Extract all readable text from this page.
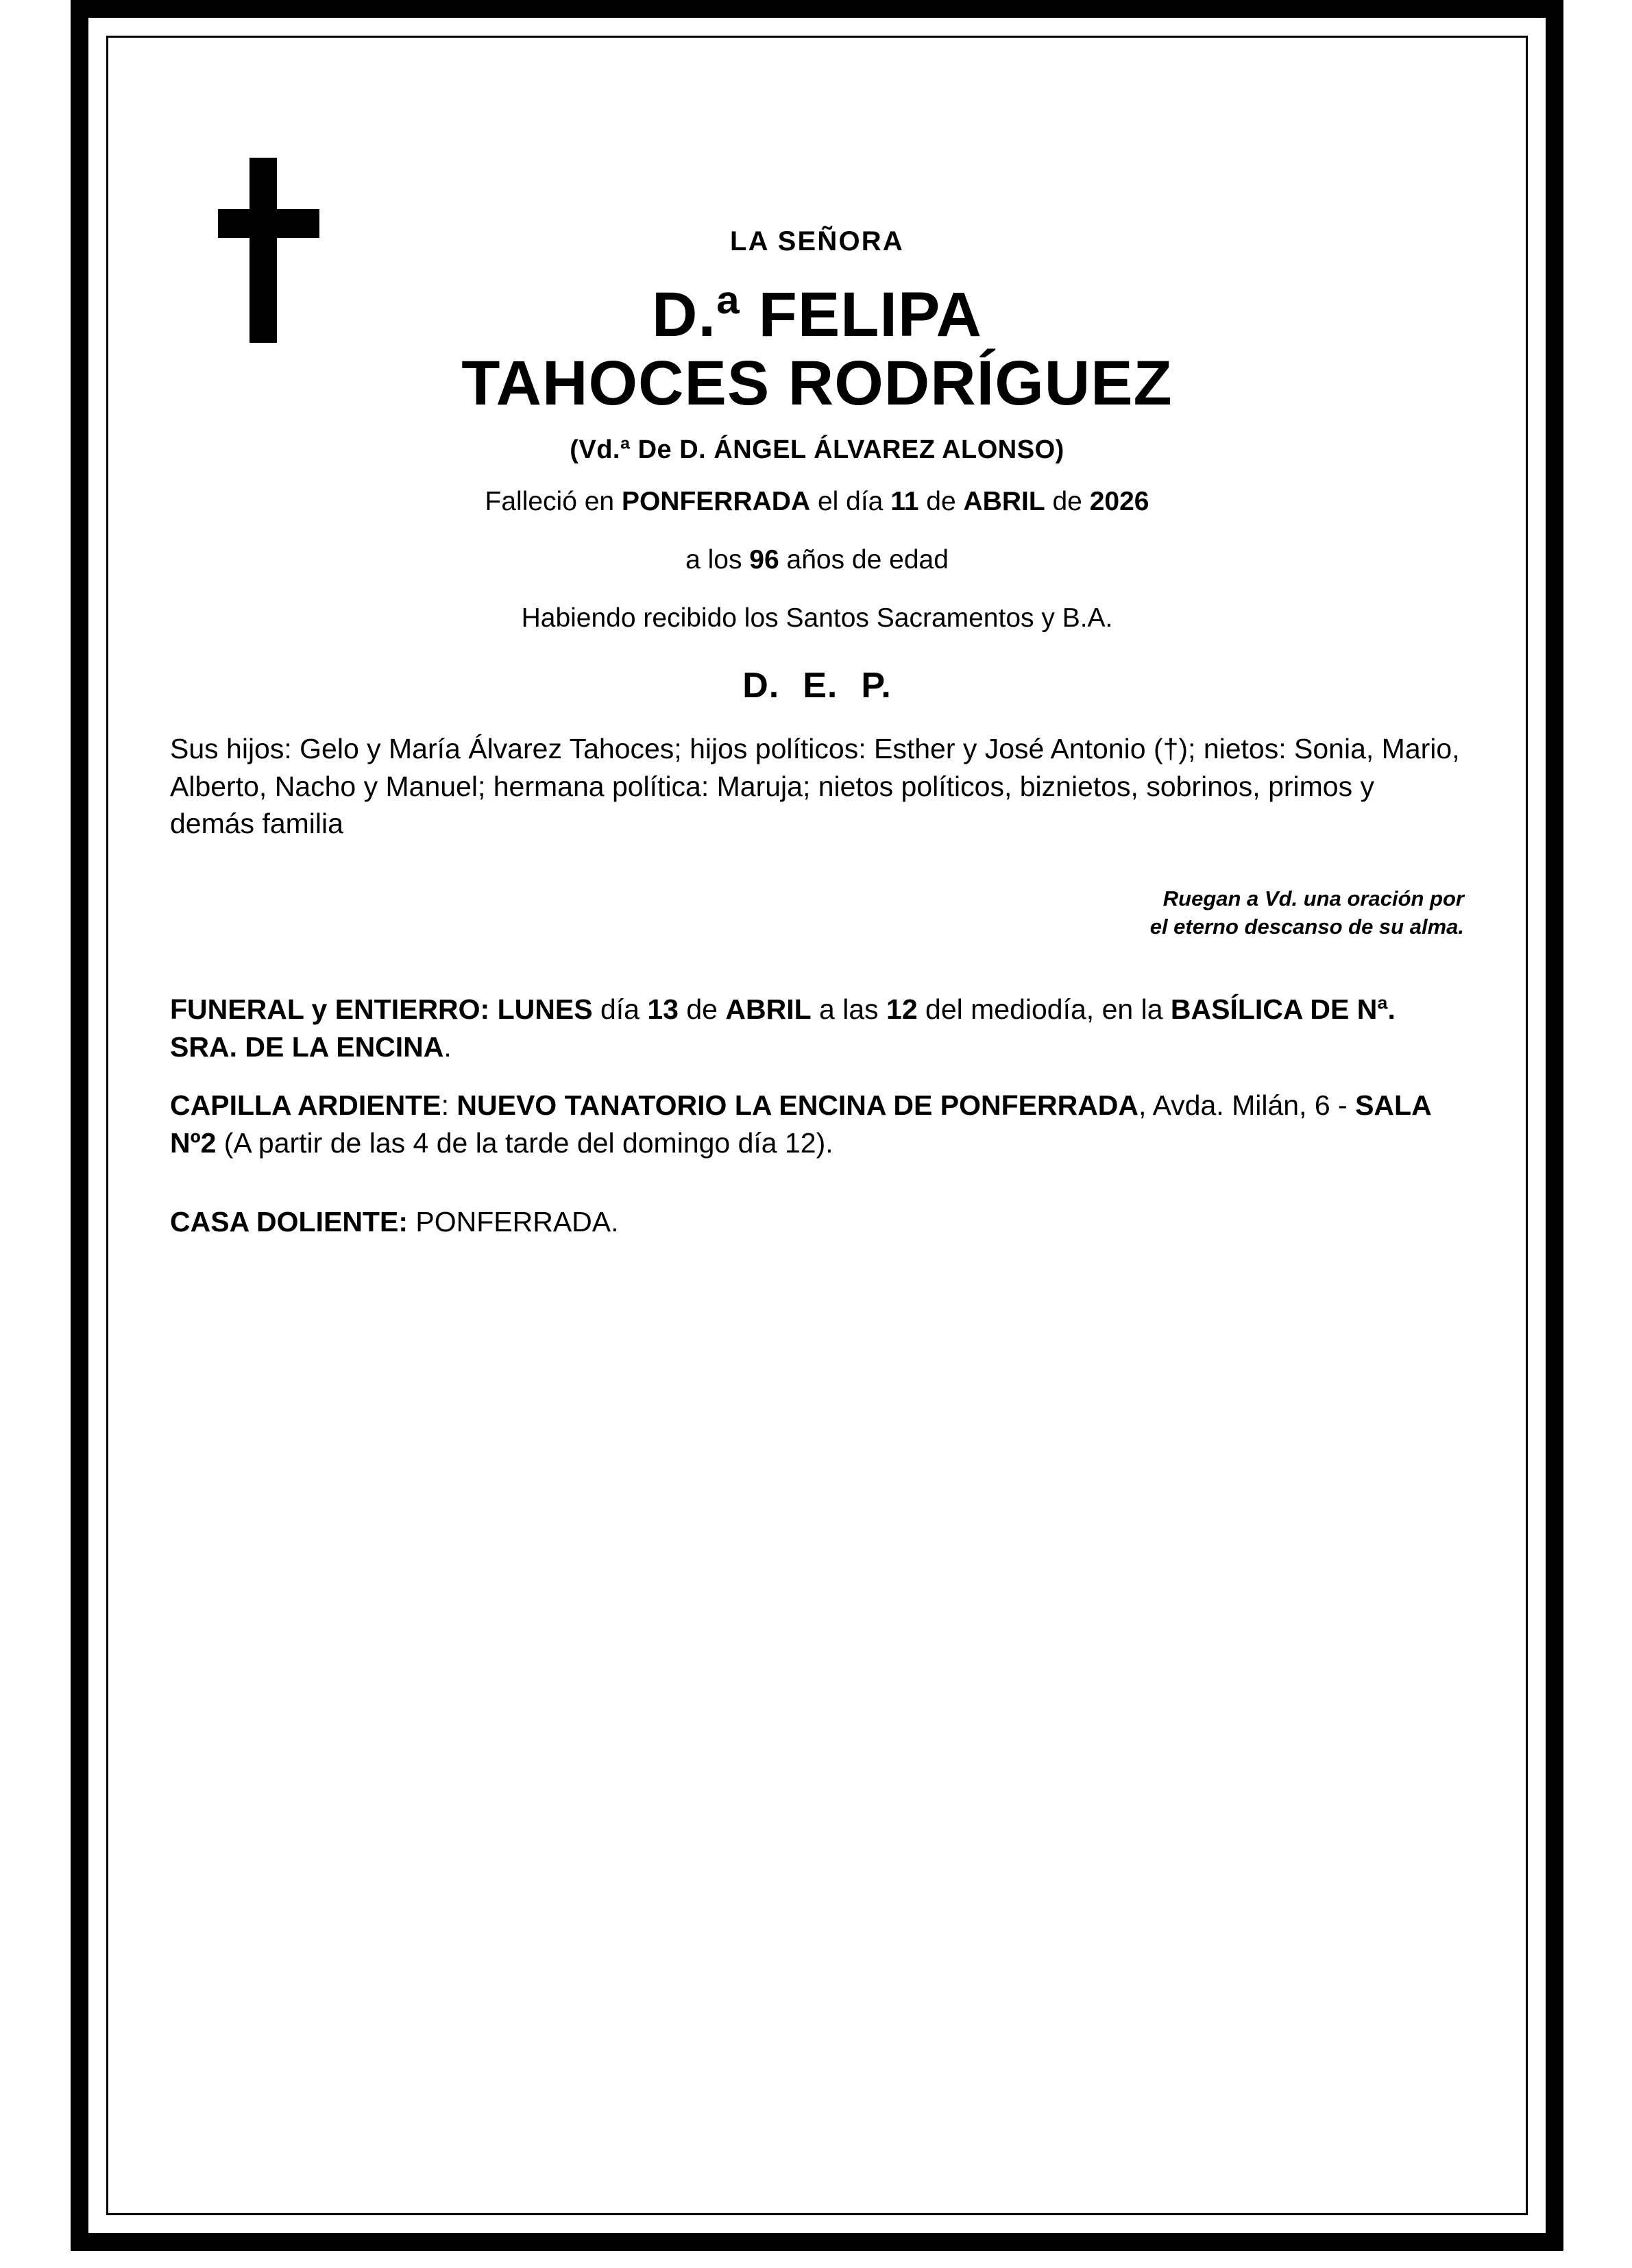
LA SEÑORA
D.ª FELIPA
TAHOCES RODRÍGUEZ
(Vd.ª De D. ÁNGEL ÁLVAREZ ALONSO)
Falleció en PONFERRADA el día 11 de ABRIL de 2026
a los 96 años de edad
Habiendo recibido los Santos Sacramentos y B.A.
D. E. P.
Sus hijos: Gelo y María Álvarez Tahoces; hijos políticos: Esther y José Antonio (†); nietos: Sonia, Mario, Alberto, Nacho y Manuel; hermana política: Maruja; nietos políticos, biznietos, sobrinos, primos y demás familia
Ruegan a Vd. una oración por
el eterno descanso de su alma.
FUNERAL y ENTIERRO: LUNES día 13 de ABRIL a las 12 del mediodía, en la BASÍLICA DE Nª. SRA. DE LA ENCINA.
CAPILLA ARDIENTE: NUEVO TANATORIO LA ENCINA DE PONFERRADA, Avda. Milán, 6 - SALA Nº2 (A partir de las 4 de la tarde del domingo día 12).
CASA DOLIENTE: PONFERRADA.
